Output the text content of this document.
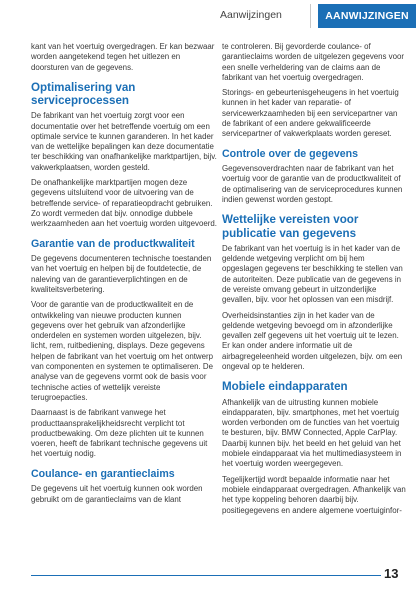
Aanwijzingen	AANWIJZINGEN

kant van het voertuig overgedragen. Er kan bezwaar worden aangetekend tegen het uitlezen en doorsturen van de gegevens.

Optimalisering van serviceprocessen

De fabrikant van het voertuig zorgt voor een documentatie over het betreffende voertuig om een optimale service te kunnen garanderen. In het kader van de wettelijke bepalingen kan deze documentatie ter beschikking van onafhankelijke marktpartijen, bijv. vakwerkplaatsen, worden gesteld.

De onafhankelijke marktpartijen mogen deze gegevens uitsluitend voor de uitvoering van de betreffende service- of reparatieopdracht gebruiken. Zo wordt vermeden dat bijv. onnodige dubbele werkzaamheden aan het voertuig worden uitgevoerd.

Garantie van de productkwaliteit

De gegevens documenteren technische toestanden van het voertuig en helpen bij de foutdetectie, de naleving van de garantieverplichtingen en de kwaliteitsverbetering.

Voor de garantie van de productkwaliteit en de ontwikkeling van nieuwe producten kunnen gegevens over het gebruik van afzonderlijke onderdelen en systemen worden uitgelezen, bijv. licht, rem, ruitbediening, displays. Deze gegevens helpen de fabrikant van het voertuig om het ontwerp van componenten en systemen te optimaliseren. De analyse van de gegevens vormt ook de basis voor technische acties of wettelijk vereiste terugroepacties.

Daarnaast is de fabrikant vanwege het producttaansprakelijkheidsrecht verplicht tot productbewaking. Om deze plichten uit te kunnen voeren, heeft de fabrikant technische gegevens uit het voertuig nodig.

Coulance- en garantieclaims

De gegevens uit het voertuig kunnen ook worden gebruikt om de garantieclaims van de klant

te controleren. Bij gevorderde coulance- of garantieclaims worden de uitgelezen gegevens voor een snelle verheldering van de claims aan de fabrikant van het voertuig overgedragen.

Storings- en gebeurtenisgeheugens in het voertuig kunnen in het kader van reparatie- of servicewerkzaamheden bij een servicepartner van de fabrikant of een andere gekwalificeerde servicepartner of vakwerkplaats worden gereset.

Controle over de gegevens

Gegevensoverdrachten naar de fabrikant van het voertuig voor de garantie van de productkwaliteit of de optimalisering van de serviceprocedures kunnen indien gewenst worden gestopt.

Wettelijke vereisten voor publicatie van gegevens

De fabrikant van het voertuig is in het kader van de geldende wetgeving verplicht om bij hem opgeslagen gegevens ter beschikking te stellen van de autoriteiten. Deze publicatie van de gegevens in de vereiste omvang gebeurt in uitzonderlijke gevallen, bijv. voor het oplossen van een misdrijf.

Overheidsinstanties zijn in het kader van de geldende wetgeving bevoegd om in afzonderlijke gevallen zelf gegevens uit het voertuig uit te lezen. Er kan onder andere informatie uit de airbagregeleenheid worden uitgelezen, bijv. om een ongeval op te helderen.

Mobiele eindapparaten

Afhankelijk van de uitrusting kunnen mobiele eindapparaten, bijv. smartphones, met het voertuig worden verbonden om de functies van het voertuig te besturen, bijv. BMW Connected, Apple CarPlay. Daarbij kunnen bijv. het beeld en het geluid van het mobiele eindapparaat via het multimediasysteem in het voertuig worden weergegeven.

Tegelijkertijd wordt bepaalde informatie naar het mobiele eindapparaat overgedragen. Afhankelijk van het type koppeling behoren daarbij bijv. positiegegevens en andere algemene voertuiginfor-

13
